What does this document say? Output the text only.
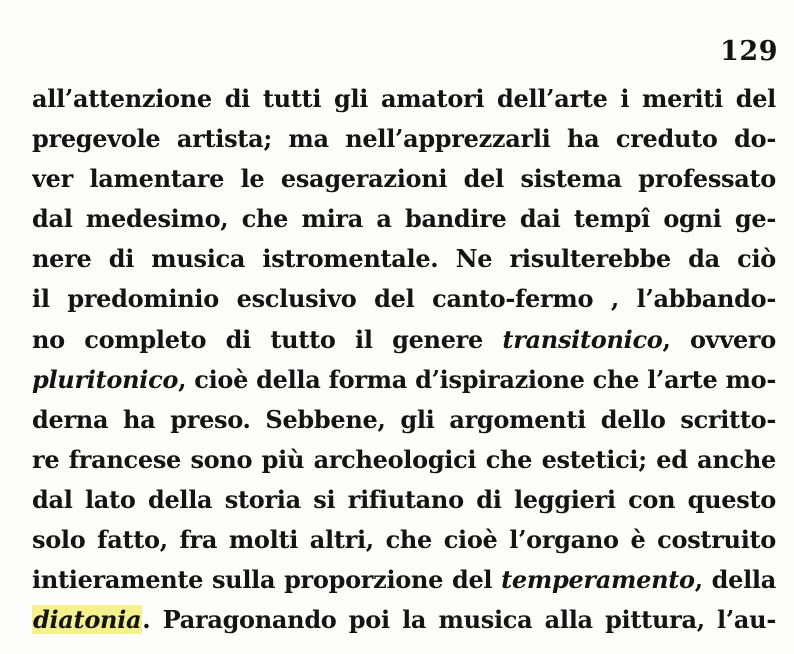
129
all’attenzione di tutti gli amatori dell’arte i meriti del
pregevole artista; ma nell’apprezzarli ha creduto do-
ver lamentare le esagerazioni del sistema professato
dal medesimo, che mira a bandire dai tempî ogni ge-
nere di musica istromentale. Ne risulterebbe da ciò
il predominio esclusivo del canto-fermo , l’abbando-
no completo di tutto il genere transitonico, ovvero
pluritonico, cioè della forma d’ispirazione che l’arte mo-
derna ha preso. Sebbene, gli argomenti dello scritto-
re francese sono più archeologici che estetici; ed anche
dal lato della storia si rifiutano di leggieri con questo
solo fatto, fra molti altri, che cioè l’organo è costruito
intieramente sulla proporzione del temperamento, della
diatonia. Paragonando poi la musica alla pittura, l’au-
